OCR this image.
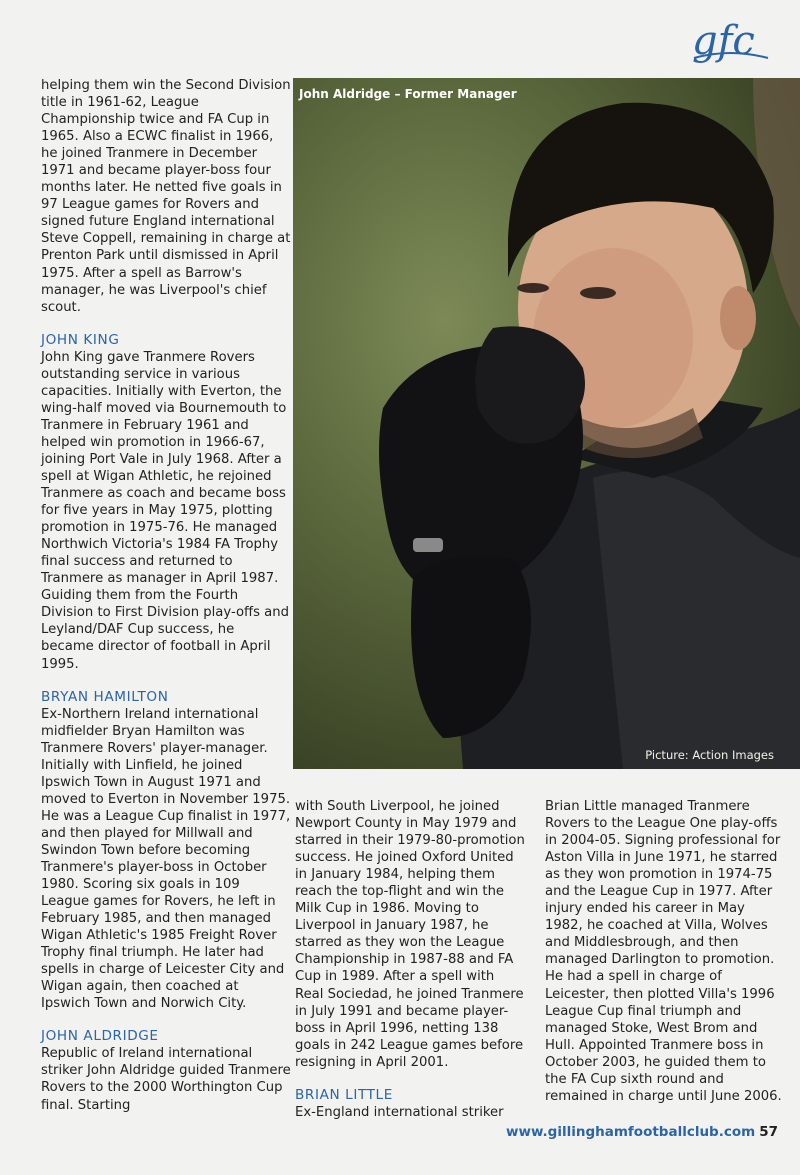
gfc

helping them win the Second Division title in 1961-62, League Championship twice and FA Cup in 1965. Also a ECWC finalist in 1966, he joined Tranmere in December 1971 and became player-boss four months later. He netted five goals in 97 League games for Rovers and signed future England international Steve Coppell, remaining in charge at Prenton Park until dismissed in April 1975. After a spell as Barrow's manager, he was Liverpool's chief scout.

JOHN KING

John King gave Tranmere Rovers outstanding service in various capacities. Initially with Everton, the wing-half moved via Bournemouth to Tranmere in February 1961 and helped win promotion in 1966-67, joining Port Vale in July 1968. After a spell at Wigan Athletic, he rejoined Tranmere as coach and became boss for five years in May 1975, plotting promotion in 1975-76. He managed Northwich Victoria's 1984 FA Trophy final success and returned to Tranmere as manager in April 1987. Guiding them from the Fourth Division to First Division play-offs and Leyland/DAF Cup success, he became director of football in April 1995.

BRYAN HAMILTON

Ex-Northern Ireland international midfielder Bryan Hamilton was Tranmere Rovers' player-manager. Initially with Linfield, he joined Ipswich Town in August 1971 and moved to Everton in November 1975. He was a League Cup finalist in 1977, and then played for Millwall and Swindon Town before becoming Tranmere's player-boss in October 1980. Scoring six goals in 109 League games for Rovers, he left in February 1985, and then managed Wigan Athletic's 1985 Freight Rover Trophy final triumph. He later had spells in charge of Leicester City and Wigan again, then coached at Ipswich Town and Norwich City.

JOHN ALDRIDGE

Republic of Ireland international striker John Aldridge guided Tranmere Rovers to the 2000 Worthington Cup final. Starting

John Aldridge – Former Manager
Picture: Action Images

with South Liverpool, he joined Newport County in May 1979 and starred in their 1979-80-promotion success. He joined Oxford United in January 1984, helping them reach the top-flight and win the Milk Cup in 1986. Moving to Liverpool in January 1987, he starred as they won the League Championship in 1987-88 and FA Cup in 1989. After a spell with Real Sociedad, he joined Tranmere in July 1991 and became player-boss in April 1996, netting 138 goals in 242 League games before resigning in April 2001.

BRIAN LITTLE

Ex-England international striker

Brian Little managed Tranmere Rovers to the League One play-offs in 2004-05. Signing professional for Aston Villa in June 1971, he starred as they won promotion in 1974-75 and the League Cup in 1977. After injury ended his career in May 1982, he coached at Villa, Wolves and Middlesbrough, and then managed Darlington to promotion. He had a spell in charge of Leicester, then plotted Villa's 1996 League Cup final triumph and managed Stoke, West Brom and Hull. Appointed Tranmere boss in October 2003, he guided them to the FA Cup sixth round and remained in charge until June 2006.

www.gillinghamfootballclub.com 57
